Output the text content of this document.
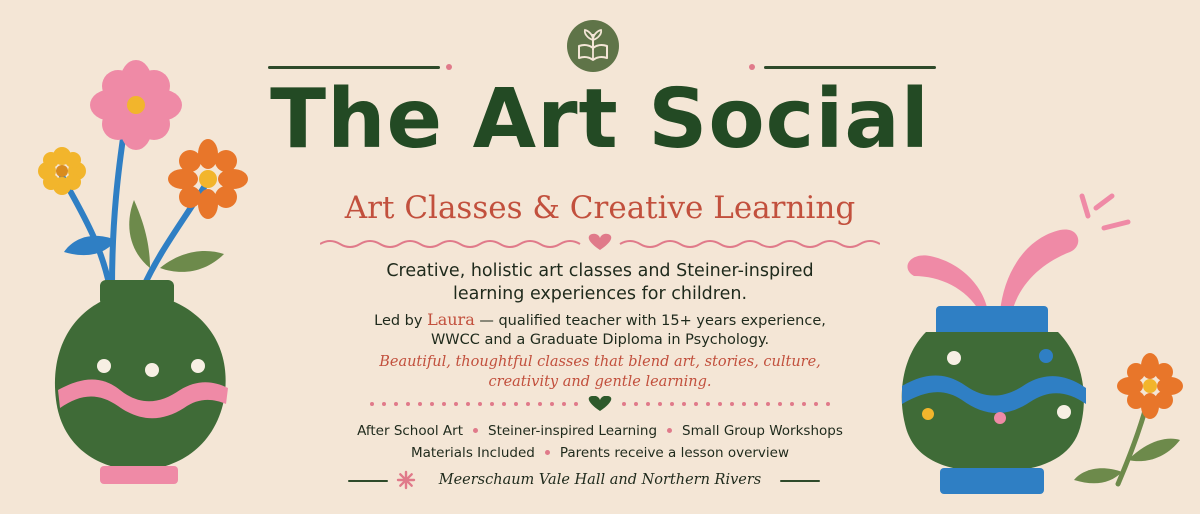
The Art Social
Art Classes & Creative Learning
Creative, holistic art classes and Steiner-inspired
learning experiences for children.
Led by Laura — qualified teacher with 15+ years experience,
WWCC and a Graduate Diploma in Psychology.
Beautiful, thoughtful classes that blend art, stories, culture,
creativity and gentle learning.
After School Art Steiner-inspired Learning Small Group Workshops
Materials Included Parents receive a lesson overview
Meerschaum Vale Hall and Northern Rivers
